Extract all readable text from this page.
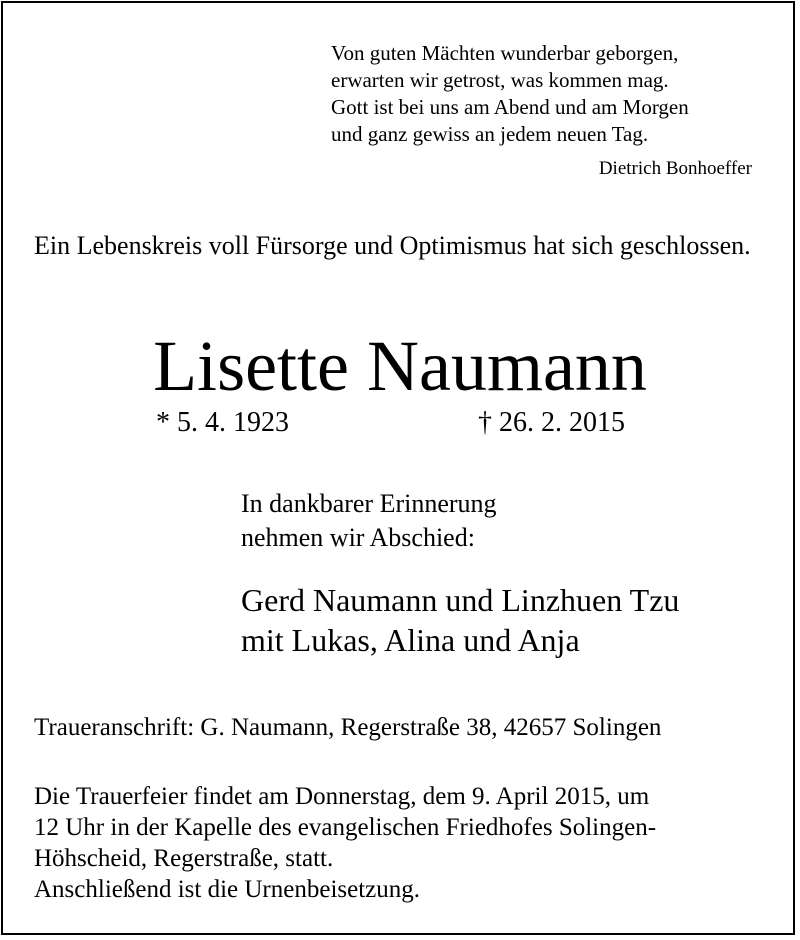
Von guten Mächten wunderbar geborgen,
erwarten wir getrost, was kommen mag.
Gott ist bei uns am Abend und am Morgen
und ganz gewiss an jedem neuen Tag.
Dietrich Bonhoeffer
Ein Lebenskreis voll Fürsorge und Optimismus hat sich geschlossen.
Lisette Naumann
* 5. 4. 1923	† 26. 2. 2015
In dankbarer Erinnerung
nehmen wir Abschied:
Gerd Naumann und Linzhuen Tzu
mit Lukas, Alina und Anja
Traueranschrift: G. Naumann, Regerstraße 38, 42657 Solingen
Die Trauerfeier findet am Donnerstag, dem 9. April 2015, um
12 Uhr in der Kapelle des evangelischen Friedhofes Solingen-
Höhscheid, Regerstraße, statt.
Anschließend ist die Urnenbeisetzung.
